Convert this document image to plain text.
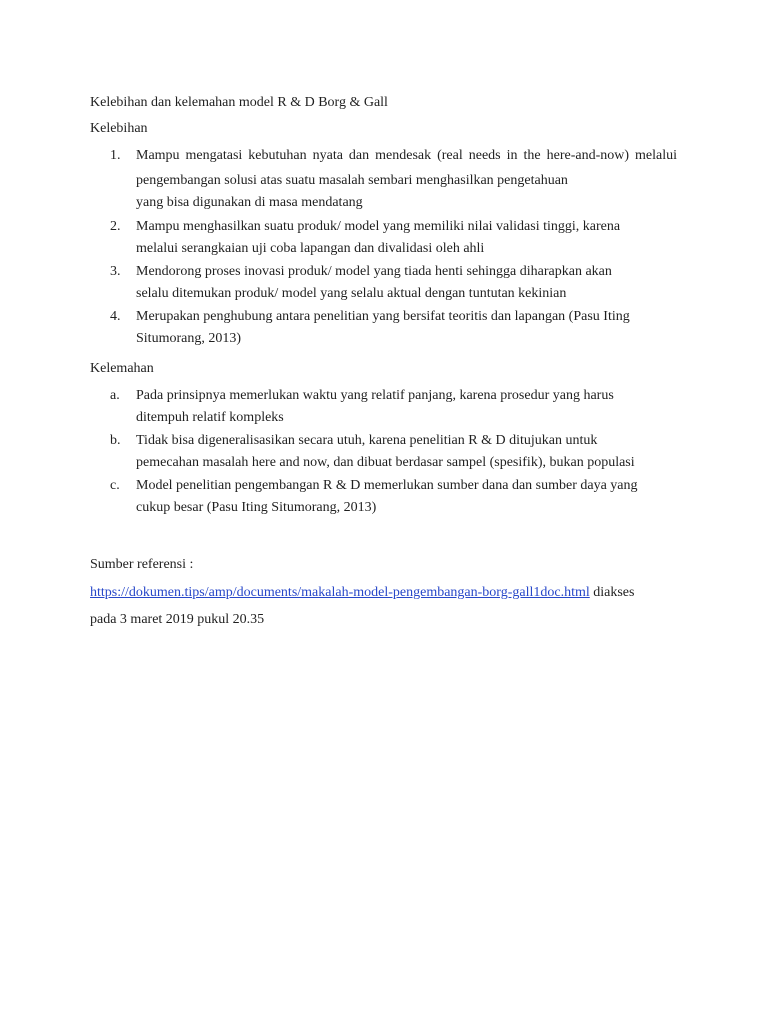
Kelebihan dan kelemahan model R & D Borg & Gall

Kelebihan

1.	Mampu mengatasi kebutuhan nyata dan mendesak (real needs in the here-and-now) melalui pengembangan solusi atas suatu masalah sembari menghasilkan pengetahuan
yang bisa digunakan di masa mendatang
2.	Mampu menghasilkan suatu produk/ model yang memiliki nilai validasi tinggi, karena
melalui serangkaian uji coba lapangan dan divalidasi oleh ahli
3.	Mendorong proses inovasi produk/ model yang tiada henti sehingga diharapkan akan
selalu ditemukan produk/ model yang selalu aktual dengan tuntutan kekinian
4.	Merupakan penghubung antara penelitian yang bersifat teoritis dan lapangan (Pasu Iting
Situmorang, 2013)

Kelemahan

a.	Pada prinsipnya memerlukan waktu yang relatif panjang, karena prosedur yang harus
ditempuh relatif kompleks
b.	Tidak bisa digeneralisasikan secara utuh, karena penelitian R & D ditujukan untuk
pemecahan masalah here and now, dan dibuat berdasar sampel (spesifik), bukan populasi
c.	Model penelitian pengembangan R & D memerlukan sumber dana dan sumber daya yang
cukup besar (Pasu Iting Situmorang, 2013)

Sumber referensi :

https://dokumen.tips/amp/documents/makalah-model-pengembangan-borg-gall1doc.html diakses

pada 3 maret 2019 pukul 20.35
